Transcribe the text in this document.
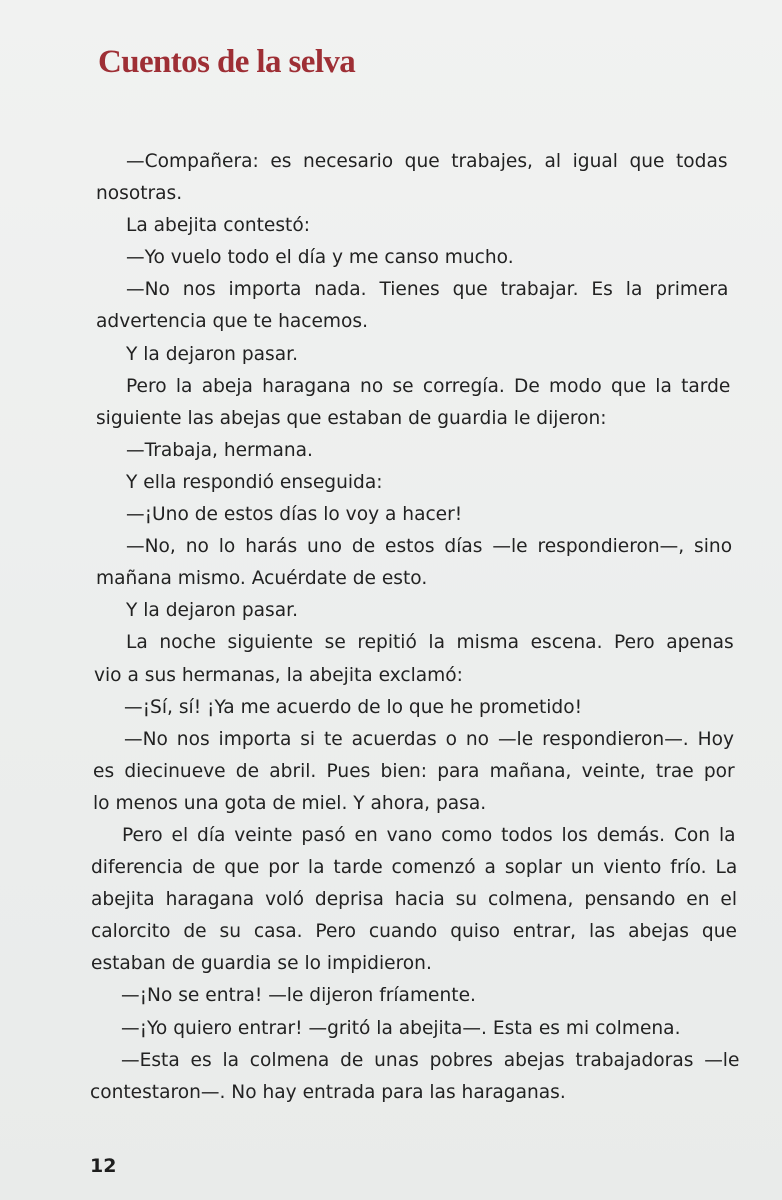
Cuentos de la selva
—Compañera: es necesario que trabajes, al igual que todas
nosotras.
La abejita contestó:
—Yo vuelo todo el día y me canso mucho.
—No nos importa nada. Tienes que trabajar. Es la primera
advertencia que te hacemos.
Y la dejaron pasar.
Pero la abeja haragana no se corregía. De modo que la tarde
siguiente las abejas que estaban de guardia le dijeron:
—Trabaja, hermana.
Y ella respondió enseguida:
—¡Uno de estos días lo voy a hacer!
—No, no lo harás uno de estos días —le respondieron—, sino
mañana mismo. Acuérdate de esto.
Y la dejaron pasar.
La noche siguiente se repitió la misma escena. Pero apenas
vio a sus hermanas, la abejita exclamó:
—¡Sí, sí! ¡Ya me acuerdo de lo que he prometido!
—No nos importa si te acuerdas o no —le respondieron—. Hoy
es diecinueve de abril. Pues bien: para mañana, veinte, trae por
lo menos una gota de miel. Y ahora, pasa.
Pero el día veinte pasó en vano como todos los demás. Con la
diferencia de que por la tarde comenzó a soplar un viento frío. La
abejita haragana voló deprisa hacia su colmena, pensando en el
calorcito de su casa. Pero cuando quiso entrar, las abejas que
estaban de guardia se lo impidieron.
—¡No se entra! —le dijeron fríamente.
—¡Yo quiero entrar! —gritó la abejita—. Esta es mi colmena.
—Esta es la colmena de unas pobres abejas trabajadoras —le
contestaron—. No hay entrada para las haraganas.
12
